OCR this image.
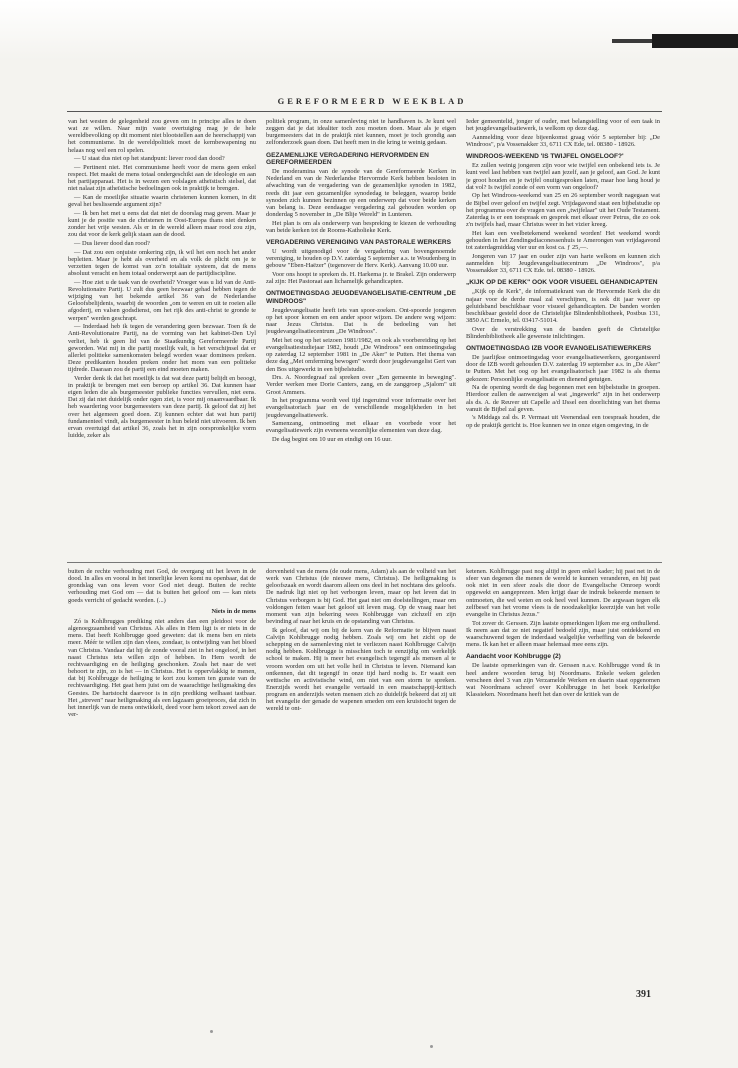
GEREFORMEERD WEEKBLAD

van het westen de gelegenheid zou geven om in principe alles te doen wat ze willen. Naar mijn vaste overtuiging mag je de hele wereldbevolking op dit moment niet blootstellen aan de heerschappij van het communisme. In de wereldpolitiek moet de kernbewapening nu helaas nog wel een rol spelen.

— U staat dus niet op het standpunt: liever rood dan dood?

— Pertinent niet. Het communisme heeft voor de mens geen enkel respect. Het maakt de mens totaal ondergeschikt aan de ideologie en aan het partijapparaat. Het is in wezen een volslagen atheïstisch stelsel, dat niet nalaat zijn atheïstische bedoelingen ook in praktijk te brengen.

— Kan de moeilijke situatie waarin christenen kunnen komen, in dit geval het beslissende argument zijn?

— Ik ben het met u eens dat dat niet de doorslag mag geven. Maar je kunt je de positie van de christenen in Oost-Europa thans niet denken zonder het vrije westen. Als er in de wereld alleen maar rood zou zijn, zou dat voor de kerk gelijk staan aan de dood.

— Dus liever dood dan rood?

— Dat zou een onjuiste omkering zijn, ik wil het een noch het ander bepleiten. Maar je hebt als overheid en als volk de plicht om je te verzetten tegen de komst van zo'n totalitair systeem, dat de mens absoluut veracht en hem totaal onderwerpt aan de partijdiscipline.

— Hoe ziet u de taak van de overheid? Vroeger was u lid van de Anti-Revolutionaire Partij. U zult dus geen bezwaar gehad hebben tegen de wijziging van het bekende artikel 36 van de Nederlandse Geloofsbelijdenis, waarbij de woorden „om te weren en uit te roeien alle afgoderij, en valsen godsdienst, om het rijk des anti-christ te gronde te werpen" werden geschrapt.

— Inderdaad heb ik tegen de verandering geen bezwaar. Toen ik de Anti-Revolutionaire Partij, na de vorming van het kabinet-Den Uyl verliet, heb ik geen lid van de Staatkundig Gereformeerde Partij geworden. Wat mij in die partij moeilijk valt, is het verschijnsel dat er allerlei politieke samenkomsten belegd worden waar dominees preken. Deze predikanten houden preken onder het mom van een politieke tijdrede. Daaraan zou de partij een eind moeten maken.

Verder denk ik dat het moeilijk is dat wat deze partij belijdt en beoogt, in praktijk te brengen met een beroep op artikel 36. Dat kunnen haar eigen leden die als burgemeester publieke functies vervullen, niet eens. Dat zij dat niet duidelijk onder ogen ziet, is voor mij onaanvaardbaar. Ik heb waardering voor burgemeesters van deze partij. Ik geloof dat zij het over het algemeen goed doen. Zij kunnen echter dat wat hun partij fundamenteel vindt, als burgemeester in hun beleid niet uitvoeren. Ik ben ervan overtuigd dat artikel 36, zoals het in zijn oorspronkelijke vorm luidde, zeker als

politiek program, in onze samenleving niet te handhaven is. Je kunt wel zeggen dat je dat idealiter toch zou moeten doen. Maar als je eigen burgemeesters dat in de praktijk niet kunnen, moet je toch grondig aan zelfonderzoek gaan doen. Dat heeft men in die kring te weinig gedaan.

GEZAMENLIJKE VERGADERING HERVORMDEN EN GEREFORMEERDEN

De moderamina van de synode van de Gereformeerde Kerken in Nederland en van de Nederlandse Hervormde Kerk hebben besloten in afwachting van de vergadering van de gezamenlijke synoden in 1982, reeds dit jaar een gezamenlijke synodedag te beleggen, waarop beide synoden zich kunnen bezinnen op een onderwerp dat voor beide kerken van belang is. Deze eendaagse vergadering zal gehouden worden op donderdag 5 november in „De Blije Wereld" in Lunteren.

Het plan is om als onderwerp van bespreking te kiezen de verhouding van beide kerken tot de Rooms-Katholieke Kerk.

VERGADERING VERENIGING VAN PASTORALE WERKERS

U wordt uitgenodigd voor de vergadering van bovengenoemde vereniging, te houden op D.V. zaterdag 5 september a.s. te Woudenberg in gebouw "Eben-Haëzer" (tegenover de Herv. Kerk). Aanvang 10.00 uur.

Voor ons hoopt te spreken ds. H. Harkema jr. te Brakel. Zijn onderwerp zal zijn: Het Pastoraat aan lichamelijk gehandicapten.

ONTMOETINGSDAG JEUGDEVANGELISATIE-CENTRUM „DE WINDROOS"

Jeugdevangelisatie heeft iets van spoor-zoeken. Ont-spoorde jongeren op het spoor komen en een ander spoor wijzen. De andere weg wijzen: naar Jezus Christus. Dat is de bedoeling van het jeugdevangelisatiecentrum „De Windroos".

Met het oog op het seizoen 1981/1982, en ook als voorbereiding op het evangelisatiestudiejaar 1982, houdt „De Windroos" een ontmoetingsdag op zaterdag 12 september 1981 in „De Aker" te Putten. Het thema van deze dag „Met omferming bewogen" wordt door jeugdevangelist Gert van den Bos uitgewerkt in een bijbelstudie.

Drs. A. Noordegraaf zal spreken over „Een gemeente in beweging". Verder werken mee Dorie Canters, zang, en de zanggroep „Sjalom" uit Groot Ammers.

In het programma wordt veel tijd ingeruimd voor informatie over het evangelisatoriach jaar en de verschillende mogelijkheden in het jeugdevangelisatiewerk.

Samenzang, ontmoeting met elkaar en voorbede voor het evangelisatiewerk zijn eveneens wezenlijke elementen van deze dag.

De dag begint om 10 uur en eindigt om 16 uur.

Ieder gemeentelid, jonger of ouder, met belangstelling voor of een taak in het jeugdevangelisatiewerk, is welkom op deze dag.

Aanmelding voor deze bijeenkomst graag vóór 5 september bij: „De Windroos", p/a Vossenakker 33, 6711 CX Ede, tel. 08380 - 18926.

WINDROOS-WEEKEND 'IS TWIJFEL ONGELOOF?'

Ez zullen weinig jongeren zijn voor wie twijfel een onbekend iets is. Je kunt veel last hebben van twijfel aan jezelf, aan je geloof, aan God. Je kunt je groot houden en je twijfel onuitgesproken laten, maar hoe lang houd je dat vol? Is twijfel zonde of een vorm van ongeloof?

Op het Windroos-weekend van 25 en 26 september wordt nagegaan wat de Bijbel over geloof en twijfel zegt. Vrijdagavond staat een bijbelstudie op het programma over de vragen van een „twijfelaar" uit het Oude Testament. Zaterdag is er een toespraak en gesprek met elkaar over Petrus, die zo ook z'n twijfels had, maar Christus weer in het vizier kreeg.

Het kan een veelbetekenend weekend worden! Het weekend wordt gehouden in het Zendingsdiaconessenhuis te Amerongen van vrijdagavond tot zaterdagmiddag vier uur en kost ca. ƒ 25,—.

Jongeren van 17 jaar en ouder zijn van harte welkom en kunnen zich aanmelden bij: Jeugdevangelisatiecentrum „De Windroos", p/a Vossenakker 33, 6711 CX Ede. tel. 08380 - 18926.

„KIJK OP DE KERK" OOK VOOR VISUEEL GEHANDICAPTEN

„Kijk op de Kerk", de informatiekrant van de Hervormde Kerk die dit najaar voor de derde maal zal verschijnen, is ook dit jaar weer op geluidsband beschikbaar voor visueel gehandicapten. De banden worden beschikbaar gesteld door de Christelijke Blindenbibliotheek, Postbus 131, 3850 AC Ermelo, tel. 03417-51014.

Over de verstrekking van de banden geeft de Christelijke Blindenbibliotheek alle gewenste inlichtingen.

ONTMOETINGSDAG IZB VOOR EVANGELISATIEWERKERS

De jaarlijkse ontmoetingsdag voor evangelisatiewerkers, georganiseerd door de IZB wordt gehouden D.V. zaterdag 19 september a.s. in „De Aker" te Putten. Met het oog op het evangelisatorisch jaar 1982 is als thema gekozen: Persoonlijke evangelisatie en dienend getuigen.

Na de opening wordt de dag begonnen met een bijbelstudie in groepen. Hierdoor zullen de aanwezigen al wat „ingewerkt" zijn in het onderwerp als ds. A. de Reuver uit Capelle a/d IJssel een doorlichting van het thema vanuit de Bijbel zal geven.

's Middags zal ds. P. Vermaat uit Veenendaal een toespraak houden, die op de praktijk gericht is. Hoe kunnen we in onze eigen omgeving, in de

buiten de rechte verhouding met God, de overgang uit het leven in de dood. In alles en vooral in het innerlijke leven komt nu openbaar, dat de grondslag van ons leven voor God niet deugt. Buiten de rechte verhouding met God om — dat is buiten het geloof om — kan niets goeds verricht of gedacht worden. (...)

Niets in de mens

Zó is Kohlbrugges prediking niet anders dan een pleidooi voor de algenoegzaamheid van Christus. Als alles in Hem ligt is er niets in de mens. Dat heeft Kohlbrugge goed geweten: dat ik mens ben en niets meer. Méér te willen zijn dan vlees, zondaar, is ontwijding van het bloed van Christus. Vandaar dat hij de zonde vooral ziet in het ongeloof, in het naast Christus iets willen zijn of hebben. In Hem wordt de rechtvaardiging en de heiliging geschonken. Zoals het naar de wet behoort te zijn, zo is het — in Christus. Het is oppervlakkig te menen, dat bij Kohlbrugge de heiliging te kort zou komen ten gunste van de rechtvaardiging. Het gaat hem juist om de waarachtige heiligmaking des Geestes. De hartstocht daarvoor is in zijn prediking welhaast tastbaar. Het „streven" naar heiligmaking als een lagzaam groeiproces, dat zich in het innerlijk van de mens ontwikkelt, deed voor hem tekort zowel aan de ver-

dorvenheid van de mens (de oude mens, Adam) als aan de volheid van het werk van Christus (de nieuwe mens, Christus). De heiligmaking is geloofszaak en wordt daarom alleen ons deel in het nochtans des geloofs. De nadruk ligt niet op het verborgen leven, maar op het leven dat in Christus verborgen is bij God. Het gaat niet om doelstellingen, maar om voldongen feiten waar het geloof uit leven mag. Op de vraag naar het moment van zijn bekering wees Kohlbrugge van zichzelf en zijn bevinding af naar het kruis en de opstanding van Christus.

Ik geloof, dat wij om bij de kern van de Reformatie te blijven naast Calvijn Kohlbrugge nodig hebben. Zoals wij om het zicht op de schepping en de samenleving niet te verliezen naast Kohlbrugge Calvijn nodig hebben. Kohlbrugge is misschien toch te eenzijdig om werkelijk school te maken. Hij is meer het evangelisch tegengif als mensen al te vroom worden om uit het volle heil in Christus te leven. Niemand kan ontkennen, dat dit tegengif in onze tijd hard nodig is. Er waait een wettische en activistische wind, om niet van een storm te spreken. Enerzijds wordt het evangelie vertaald in een maatschappij-kritisch program en anderzijds weten mensen zich zo duidelijk bekeerd dat zij uit het evangelie der genade de wapenen smeden om een kruistocht tegen de wereld te ont-

ketenen. Kohlbrugge past nog altijd in geen enkel kader; hij past net in de sfeer van degenen die menen de wereld te kunnen veranderen, en hij past ook niet in een sfeer zoals die door de Evangelische Omroep wordt opgewekt en aangeprezen. Men krijgt daar de indruk bekeerde mensen te ontmoeten, die wel weten en ook heel veel kunnen. De argwaan tegen elk zelfbesef van het vrome vlees is de noodzakelijke keerzijde van het volle evangelie in Christus Jezus."

Tot zover dr. Gerssen. Zijn laatste opmerkingen lijken me erg onthullend. Ik neem aan dat ze niet negatief bedoeld zijn, maar juist ontdekkend en waarschuwend tegen de inderdaad walgelijke verheffing van de bekeerde mens. Ik kan het er alleen maar helemaal mee eens zijn.

Aandacht voor Kohlbrugge (2)

De laatste opmerkingen van dr. Gerssen n.a.v. Kohlbrugge vond ik in heel andere woorden terug bij Noordmans. Enkele weken geleden verscheen deel 3 van zijn Verzamelde Werken en daarin staat opgenomen wat Noordmans schreef over Kohlbrugge in het boek Kerkelijke Klassieken. Noordmans heeft het dan over de kritiek van de

391
